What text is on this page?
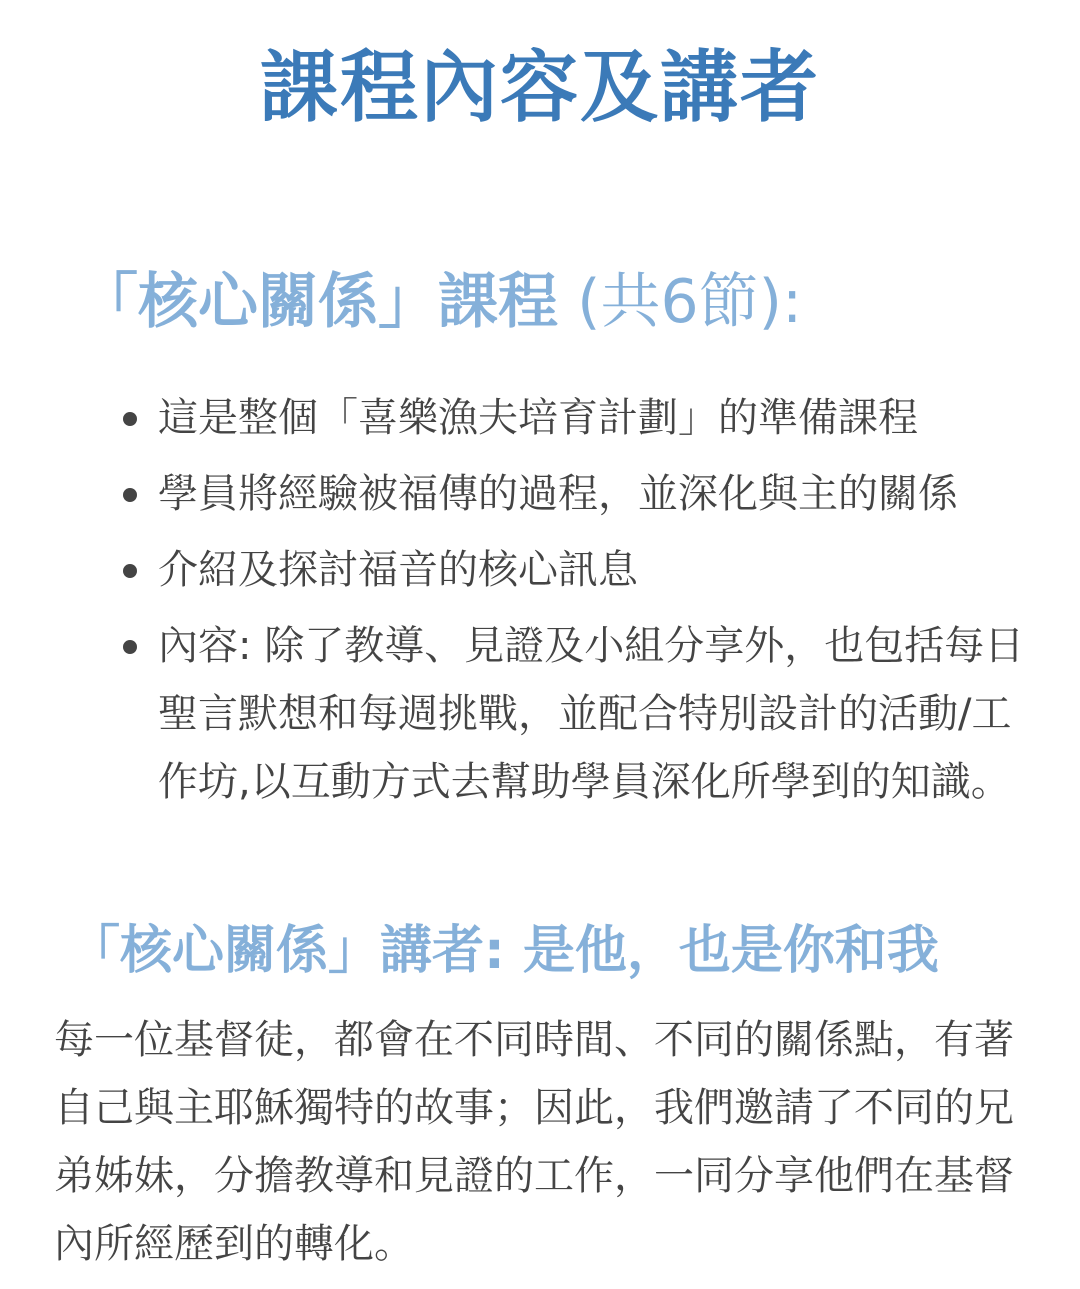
課程內容及講者
「核心關係」課程 (共6節):
這是整個「喜樂漁夫培育計劃」的準備課程
學員將經驗被福傳的過程，並深化與主的關係
介紹及探討福音的核心訊息
內容: 除了教導、見證及小組分享外，也包括每日聖言默想和每週挑戰，並配合特別設計的活動/工作坊,以互動方式去幫助學員深化所學到的知識。
「核心關係」講者: 是他，也是你和我

每一位基督徒，都會在不同時間、不同的關係點，有著自己與主耶穌獨特的故事；因此，我們邀請了不同的兄弟姊妹，分擔教導和見證的工作，一同分享他們在基督內所經歷到的轉化。
